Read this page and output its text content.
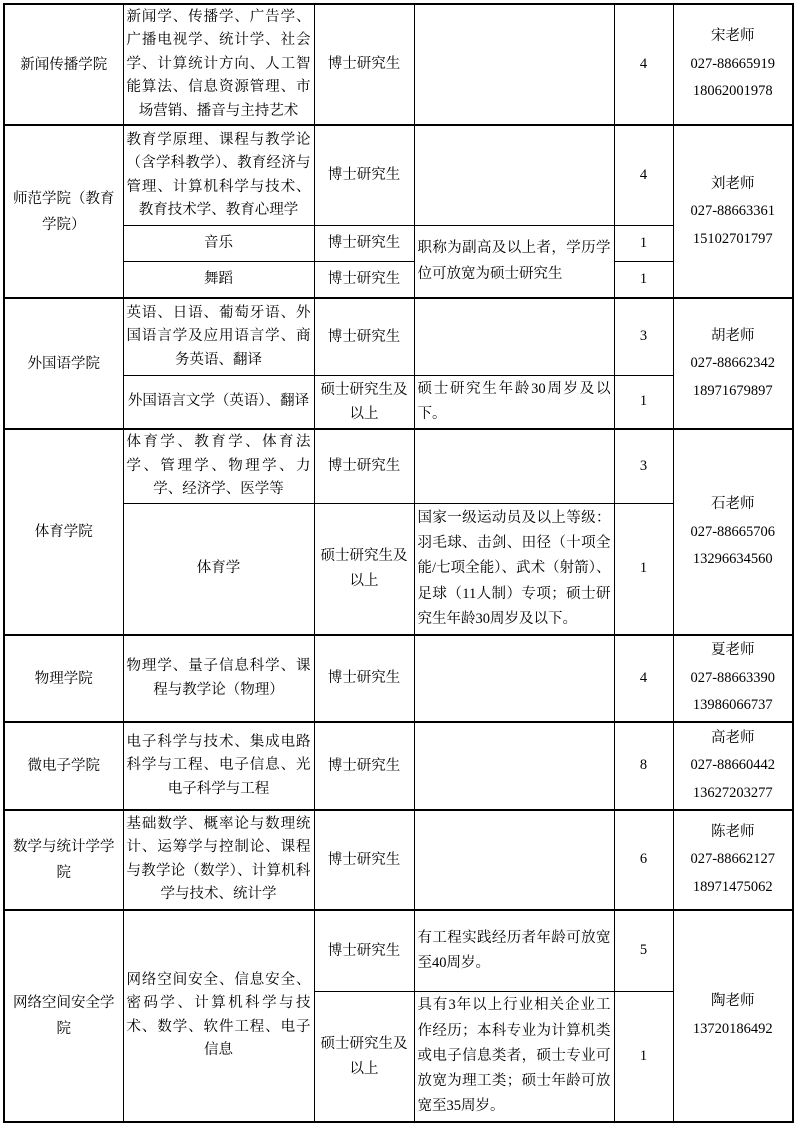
新闻传播学院	新闻学、传播学、广告学、广播电视学、统计学、社会学、计算统计方向、人工智能算法、信息资源管理、市场营销、播音与主持艺术	博士研究生		4	宋老师
027-88665919
18062001978

师范学院（教育学院）	教育学原理、课程与教学论（含学科教学）、教育经济与管理、计算机科学与技术、教育技术学、教育心理学	博士研究生		4	刘老师
027-88663361
15102701797

	音乐	博士研究生	职称为副高及以上者，学历学位可放宽为硕士研究生	1	
	舞蹈	博士研究生		1	
外国语学院	英语、日语、葡萄牙语、外国语言学及应用语言学、商务英语、翻译	博士研究生		3	胡老师
027-88662342
18971679897

	外国语言文学（英语）、翻译	硕士研究生及以上	硕士研究生年龄30周岁及以下。	1	
体育学院	体育学、教育学、体育法学、管理学、物理学、力学、经济学、医学等	博士研究生		3	石老师
027-88665706
13296634560

	体育学	硕士研究生及以上	国家一级运动员及以上等级：羽毛球、击剑、田径（十项全能/七项全能）、武术（射箭）、足球（11人制）专项；硕士研究生年龄30周岁及以下。	1	
物理学院	物理学、量子信息科学、课程与教学论（物理）	博士研究生		4	夏老师
027-88663390
13986066737

微电子学院	电子科学与技术、集成电路科学与工程、电子信息、光电子科学与工程	博士研究生		8	高老师
027-88660442
13627203277

数学与统计学学院	基础数学、概率论与数理统计、运筹学与控制论、课程与教学论（数学）、计算机科学与技术、统计学	博士研究生		6	陈老师
027-88662127
18971475062

网络空间安全学院	网络空间安全、信息安全、密码学、计算机科学与技术、数学、软件工程、电子信息	博士研究生	有工程实践经历者年龄可放宽至40周岁。	5	陶老师
13720186492

		硕士研究生及以上	具有3年以上行业相关企业工作经历；本科专业为计算机类或电子信息类者，硕士专业可放宽为理工类；硕士年龄可放宽至35周岁。	1	
